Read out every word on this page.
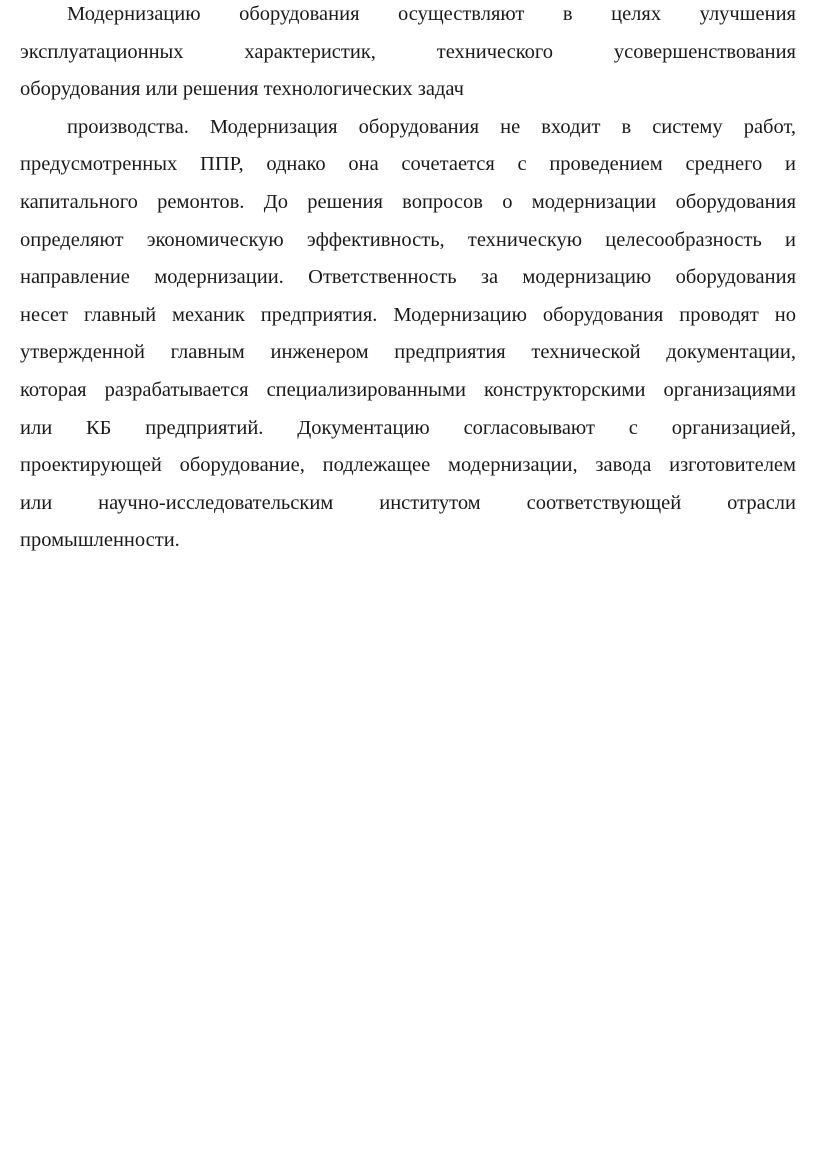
Модернизацию оборудования осуществляют в целях улучшения
эксплуатационных характеристик, технического усовершенствования
оборудования или решения технологических задач
производства. Модернизация оборудования не входит в систему работ,
предусмотренных ППР, однако она сочетается с проведением среднего и
капитального ремонтов. До решения вопросов о модернизации оборудования
определяют экономическую эффективность, техническую целесообразность и
направление модернизации. Ответственность за модернизацию оборудования
несет главный механик предприятия. Модернизацию оборудования проводят но
утвержденной главным инженером предприятия технической документации,
которая разрабатывается специализированными конструкторскими организациями
или КБ предприятий. Документацию согласовывают с организацией,
проектирующей оборудование, подлежащее модернизации, завода изготовителем
или научно-исследовательским институтом соответствующей отрасли
промышленности.
